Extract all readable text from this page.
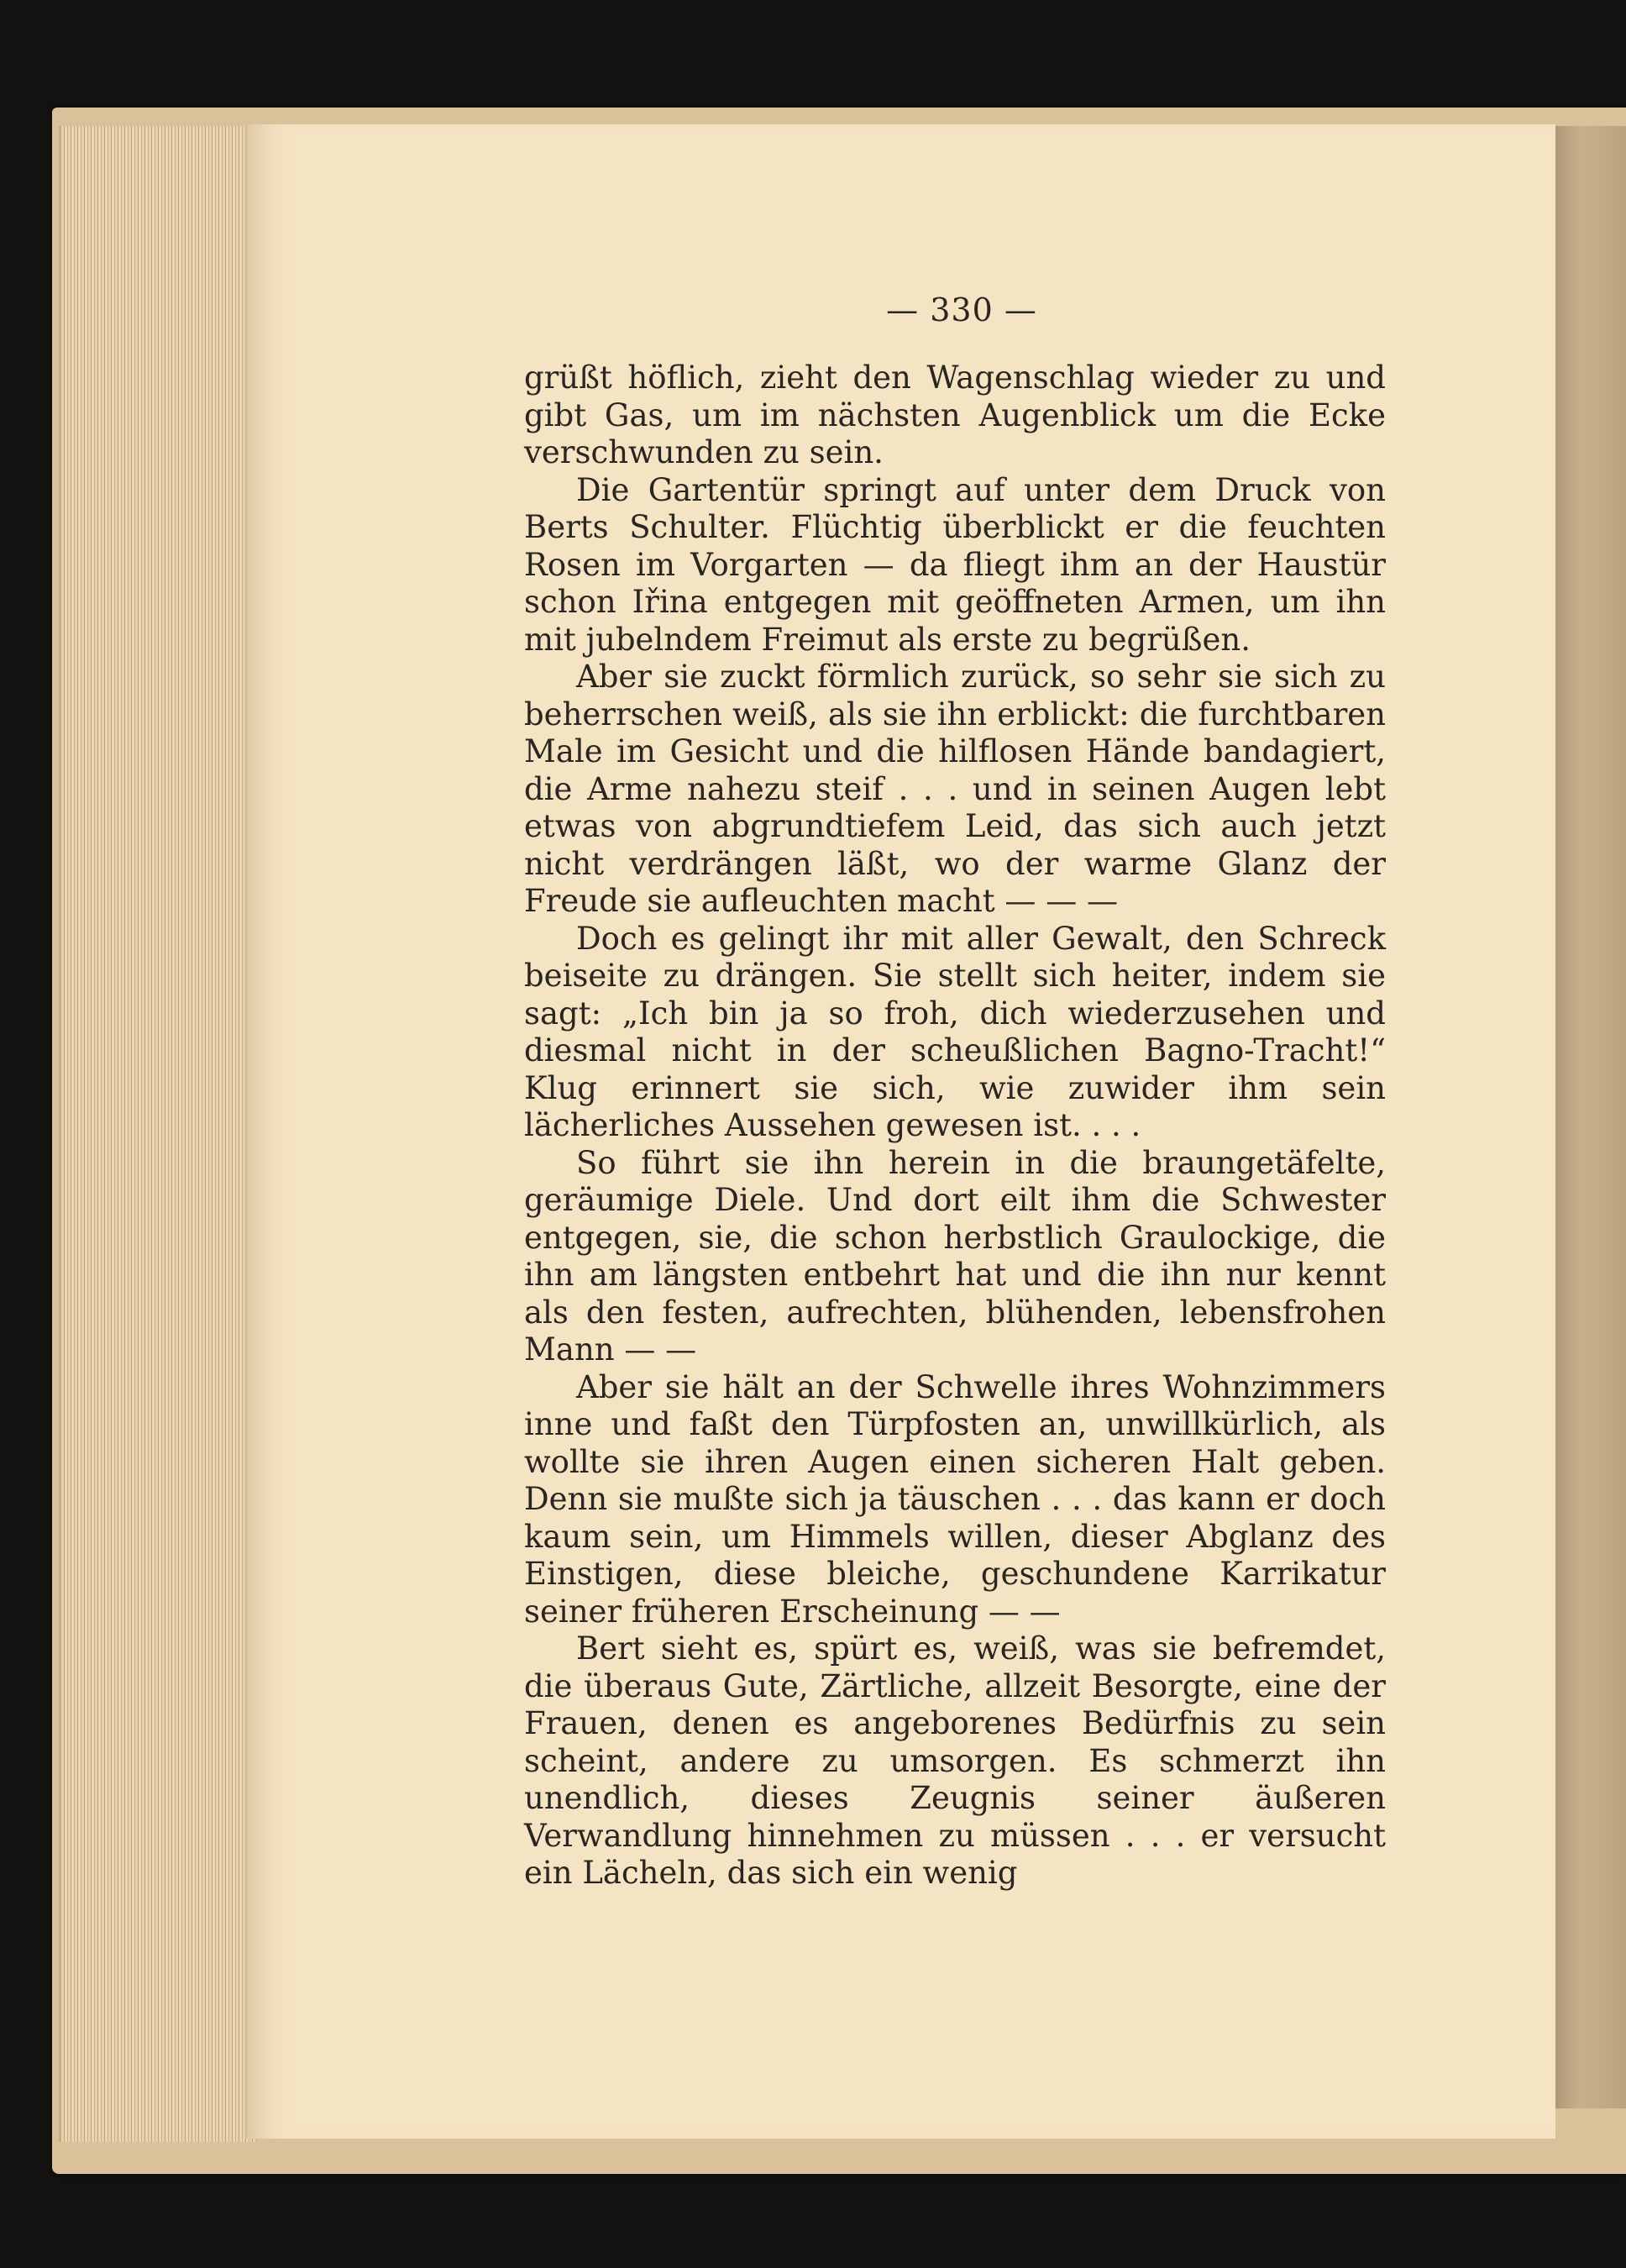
— 330 —

grüßt höflich, zieht den Wagenschlag wieder zu und gibt Gas, um im nächsten Augenblick um die Ecke verschwunden zu sein.

Die Gartentür springt auf unter dem Druck von Berts Schulter. Flüchtig überblickt er die feuchten Rosen im Vorgarten — da fliegt ihm an der Haustür schon Iřina entgegen mit geöffneten Armen, um ihn mit jubelndem Freimut als erste zu begrüßen.

Aber sie zuckt förmlich zurück, so sehr sie sich zu beherrschen weiß, als sie ihn erblickt: die furchtbaren Male im Gesicht und die hilflosen Hände bandagiert, die Arme nahezu steif . . . und in seinen Augen lebt etwas von abgrundtiefem Leid, das sich auch jetzt nicht verdrängen läßt, wo der warme Glanz der Freude sie aufleuchten macht — — —

Doch es gelingt ihr mit aller Gewalt, den Schreck beiseite zu drängen. Sie stellt sich heiter, indem sie sagt: „Ich bin ja so froh, dich wiederzusehen und diesmal nicht in der scheußlichen Bagno-Tracht!“ Klug erinnert sie sich, wie zuwider ihm sein lächerliches Aussehen gewesen ist. . . .

So führt sie ihn herein in die braungetäfelte, geräumige Diele. Und dort eilt ihm die Schwester entgegen, sie, die schon herbstlich Graulockige, die ihn am längsten entbehrt hat und die ihn nur kennt als den festen, aufrechten, blühenden, lebensfrohen Mann — —

Aber sie hält an der Schwelle ihres Wohnzimmers inne und faßt den Türpfosten an, unwillkürlich, als wollte sie ihren Augen einen sicheren Halt geben. Denn sie mußte sich ja täuschen . . . das kann er doch kaum sein, um Himmels willen, dieser Abglanz des Einstigen, diese bleiche, geschundene Karrikatur seiner früheren Erscheinung — —

Bert sieht es, spürt es, weiß, was sie befremdet, die überaus Gute, Zärtliche, allzeit Besorgte, eine der Frauen, denen es angeborenes Bedürfnis zu sein scheint, andere zu umsorgen. Es schmerzt ihn unendlich, dieses Zeugnis seiner äußeren Verwandlung hinnehmen zu müssen . . . er versucht ein Lächeln, das sich ein wenig
